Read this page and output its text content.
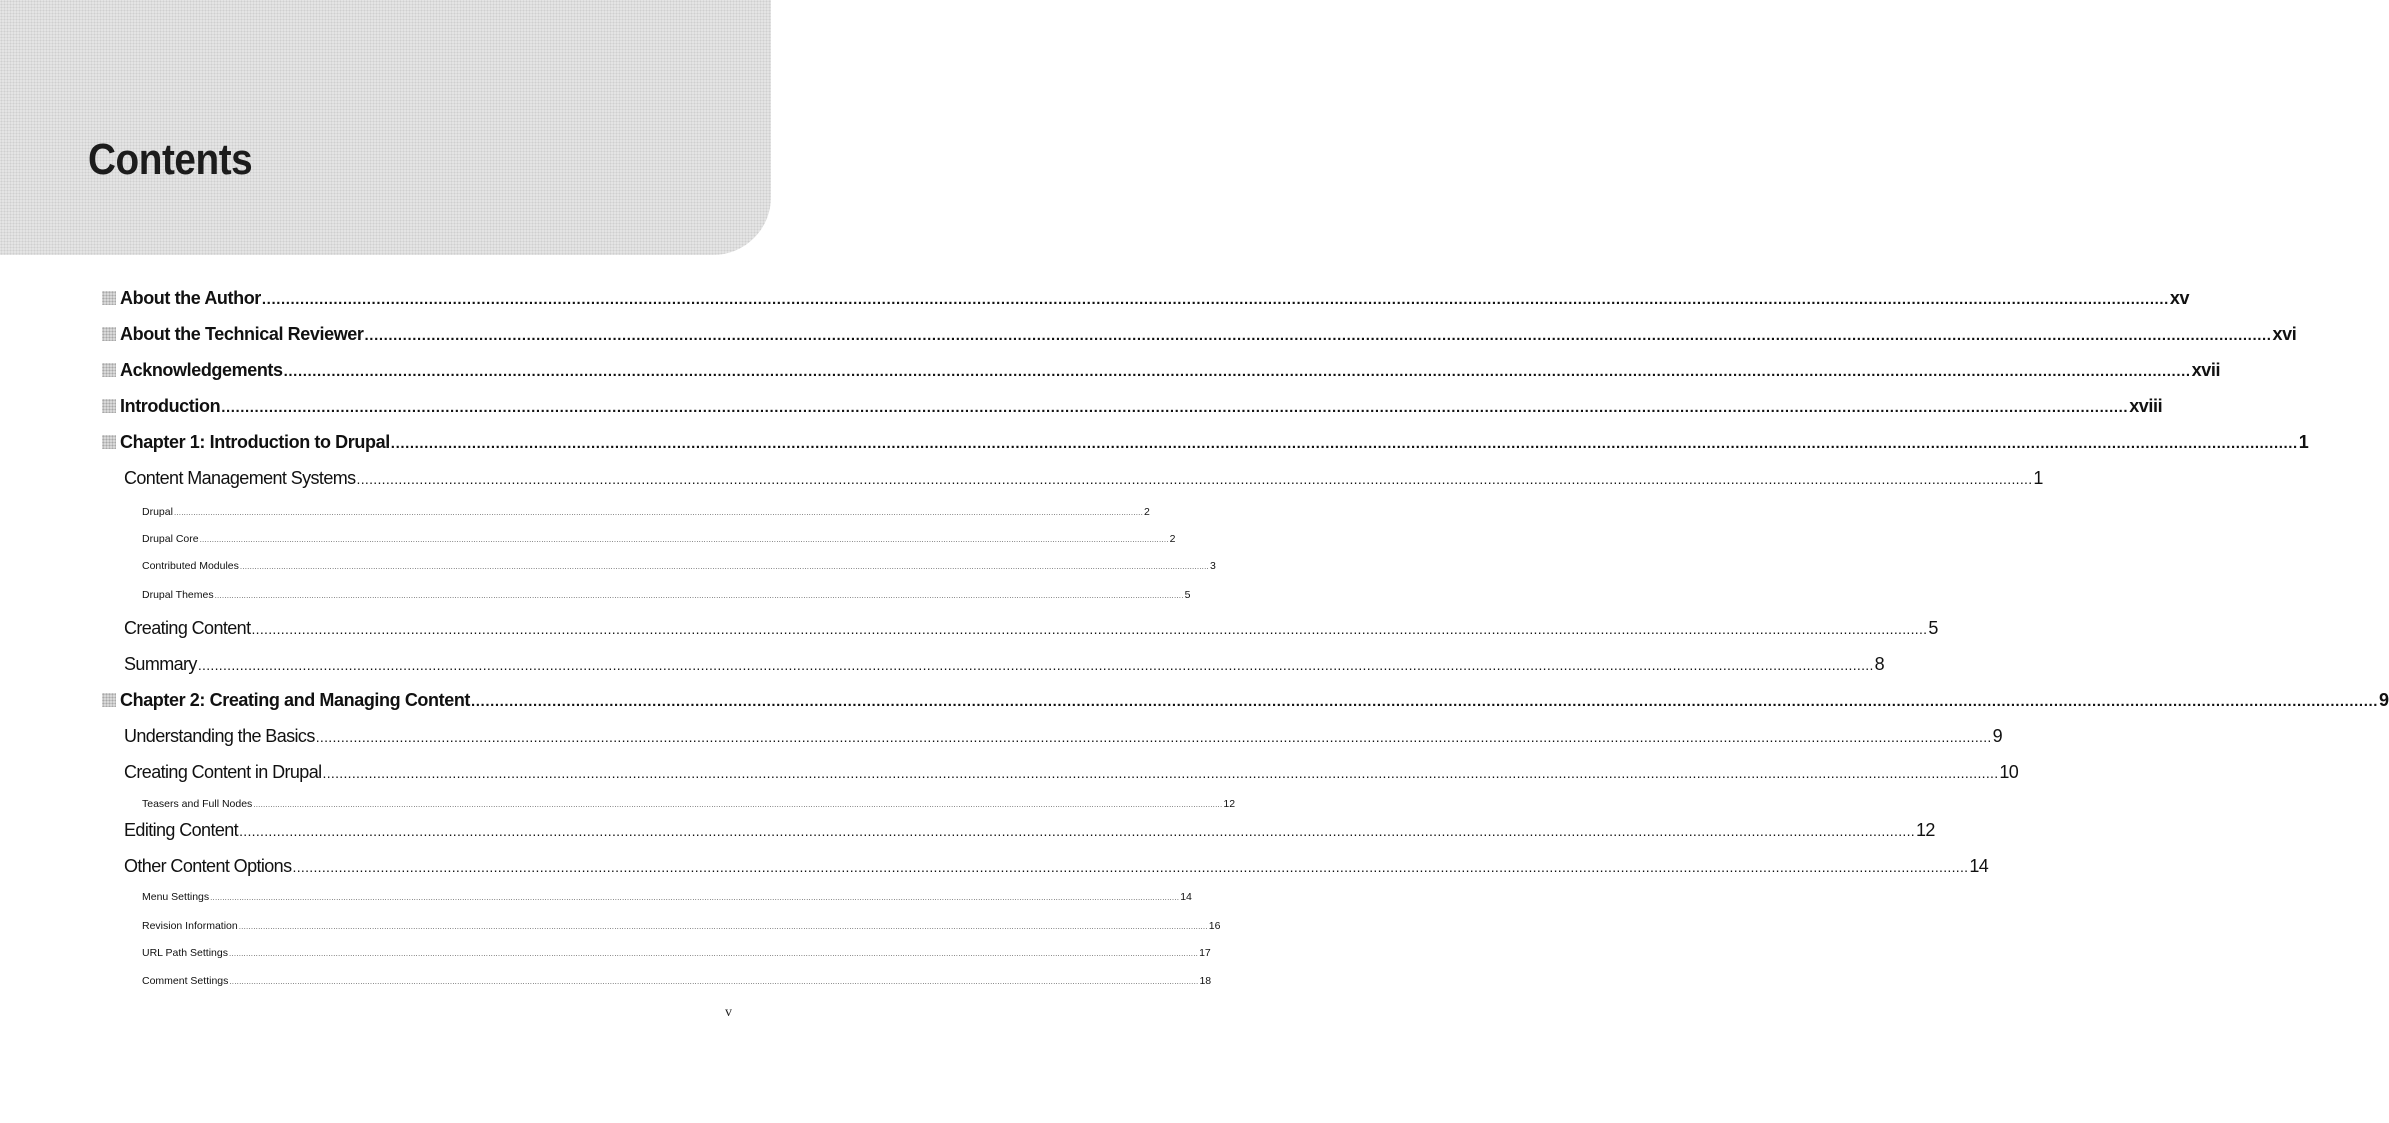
Contents
About the Author ................................................................................................................................................................................................................................................................................................................................................................................................................ xv
About the Technical Reviewer ................................................................................................................................................................................................................................................................................................................................................................................................................ xvi
Acknowledgements ................................................................................................................................................................................................................................................................................................................................................................................................................ xvii
Introduction ................................................................................................................................................................................................................................................................................................................................................................................................................ xviii
Chapter 1: Introduction to Drupal ................................................................................................................................................................................................................................................................................................................................................................................................................ 1
Content Management Systems ................................................................................................................................................................................................................................................................................................................................................................................................................ 1
Drupal ................................................................................................................................................................................................................................................................................................................................................................................................................ 2
Drupal Core ................................................................................................................................................................................................................................................................................................................................................................................................................ 2
Contributed Modules ................................................................................................................................................................................................................................................................................................................................................................................................................ 3
Drupal Themes ................................................................................................................................................................................................................................................................................................................................................................................................................ 5
Creating Content ................................................................................................................................................................................................................................................................................................................................................................................................................ 5
Summary ................................................................................................................................................................................................................................................................................................................................................................................................................ 8
Chapter 2: Creating and Managing Content ................................................................................................................................................................................................................................................................................................................................................................................................................ 9
Understanding the Basics ................................................................................................................................................................................................................................................................................................................................................................................................................ 9
Creating Content in Drupal ................................................................................................................................................................................................................................................................................................................................................................................................................ 10
Teasers and Full Nodes ................................................................................................................................................................................................................................................................................................................................................................................................................ 12
Editing Content ................................................................................................................................................................................................................................................................................................................................................................................................................ 12
Other Content Options ................................................................................................................................................................................................................................................................................................................................................................................................................ 14
Menu Settings ................................................................................................................................................................................................................................................................................................................................................................................................................ 14
Revision Information ................................................................................................................................................................................................................................................................................................................................................................................................................ 16
URL Path Settings ................................................................................................................................................................................................................................................................................................................................................................................................................ 17
Comment Settings ................................................................................................................................................................................................................................................................................................................................................................................................................ 18
v
